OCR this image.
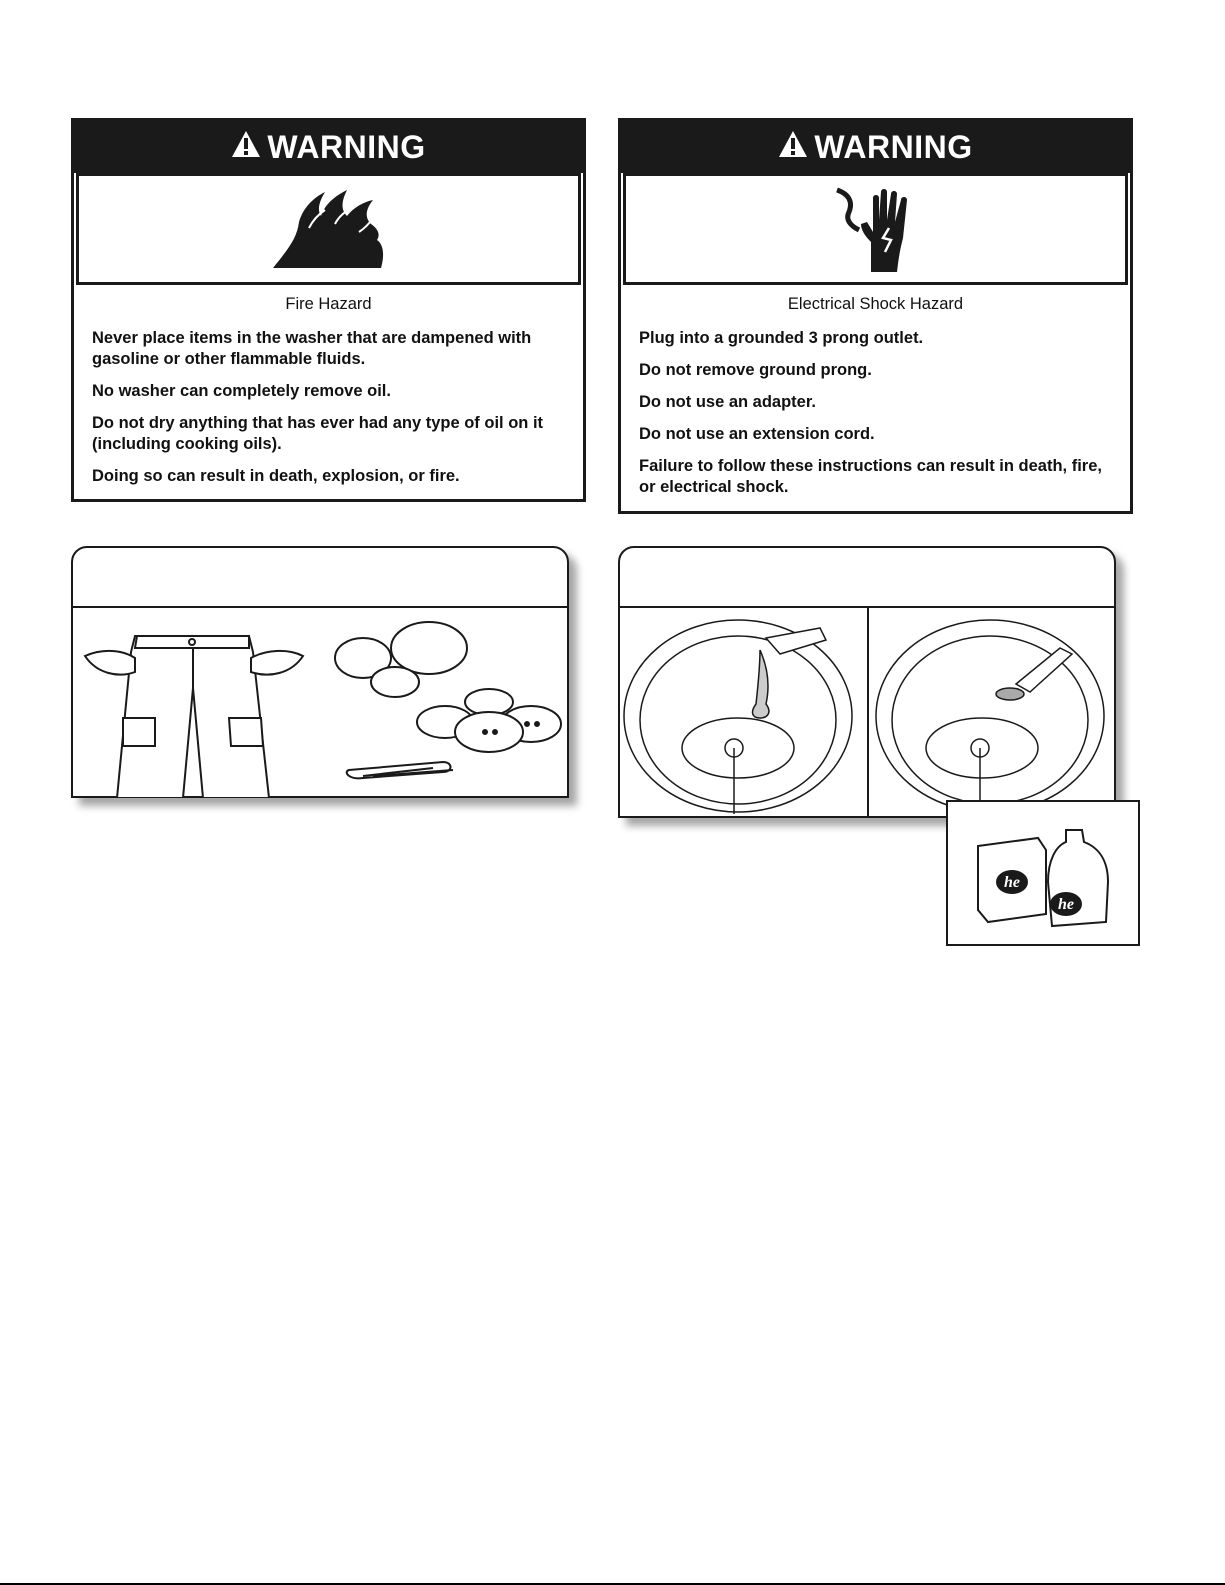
WARNING
Fire Hazard

Never place items in the washer that are dampened with gasoline or other flammable fluids.

No washer can completely remove oil.

Do not dry anything that has ever had any type of oil on it (including cooking oils).

Doing so can result in death, explosion, or fire.

WARNING
Electrical Shock Hazard

Plug into a grounded 3 prong outlet.

Do not remove ground prong.

Do not use an adapter.

Do not use an extension cord.

Failure to follow these instructions can result in death, fire, or electrical shock.

he
he
